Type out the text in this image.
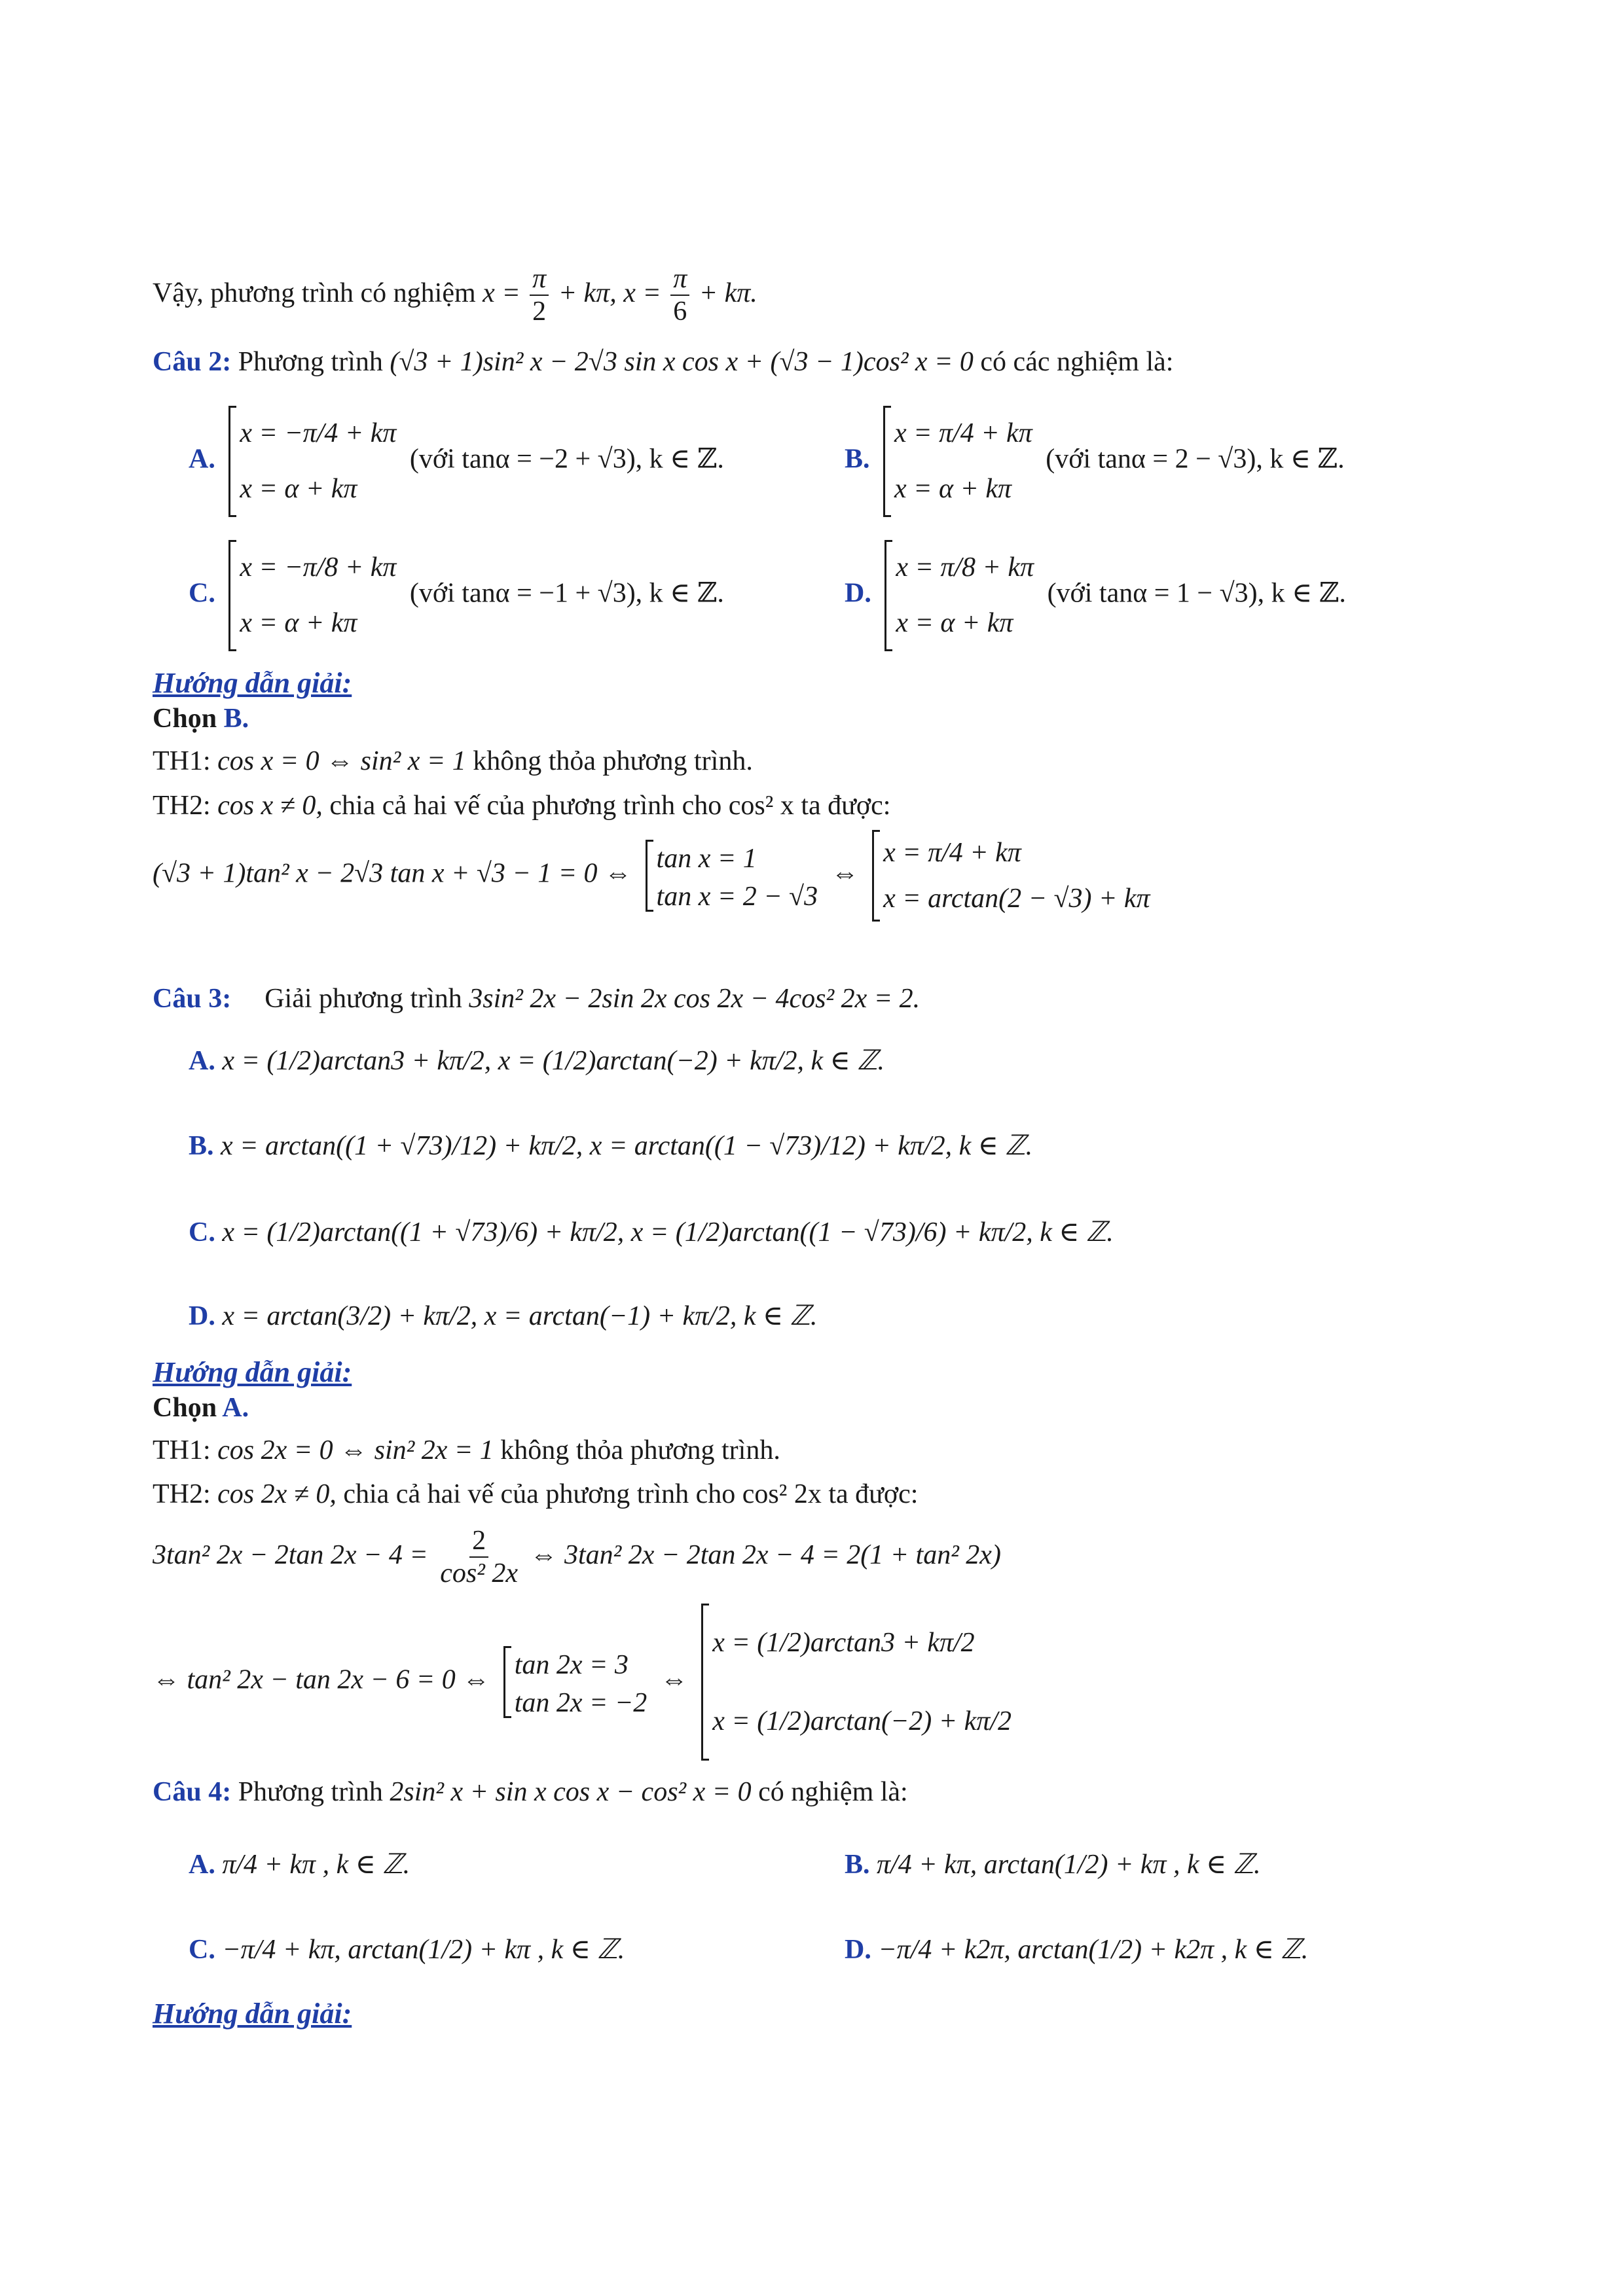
Vậy, phương trình có nghiệm $x = \frac{\pi}{2} + k\pi$, $x = \frac{\pi}{6} + k\pi$.
Câu 2: Phương trình (√3 + 1)sin² x − 2√3 sin x cos x + (√3 − 1)cos² x = 0 có các nghiệm là:
A.
x = −π/4 + kπ
x = α + kπ
(với tanα = −2 + √3), k ∈ ℤ.	B.
x = π/4 + kπ
x = α + kπ
(với tanα = 2 − √3), k ∈ ℤ.
C.
x = −π/8 + kπ
x = α + kπ
(với tanα = −1 + √3), k ∈ ℤ.	D.
x = π/8 + kπ
x = α + kπ
(với tanα = 1 − √3), k ∈ ℤ.
Hướng dẫn giải:
Chọn B.
TH1: cos x = 0 ⇔ sin² x = 1 không thỏa phương trình.
TH2: cos x ≠ 0, chia cả hai vế của phương trình cho cos² x ta được:
(√3 + 1)tan² x − 2√3 tan x + √3 − 1 = 0 ⇔ tan x = 1
tan x = 2 − √3
⇔
x = π/4 + kπ
x = arctan(2 − √3) + kπ
Câu 3: Giải phương trình 3sin² 2x − 2sin 2x cos 2x − 4cos² 2x = 2.
A. x = (1/2)arctan3 + kπ/2, x = (1/2)arctan(−2) + kπ/2, k ∈ ℤ.
B. x = arctan((1 + √73)/12) + kπ/2, x = arctan((1 − √73)/12) + kπ/2, k ∈ ℤ.
C. x = (1/2)arctan((1 + √73)/6) + kπ/2, x = (1/2)arctan((1 − √73)/6) + kπ/2, k ∈ ℤ.
D. x = arctan(3/2) + kπ/2, x = arctan(−1) + kπ/2, k ∈ ℤ.
Hướng dẫn giải:
Chọn A.
TH1: cos 2x = 0 ⇔ sin² 2x = 1 không thỏa phương trình.
TH2: cos 2x ≠ 0, chia cả hai vế của phương trình cho cos² 2x ta được:
3tan² 2x − 2tan $2x - 4 = \frac{2}{\text{cos² 2x}}$ ⇔ 3tan² 2x − 2tan 2x − 4 = 2(1 + tan² 2x)
⇔ tan² 2x − tan 2x − 6 = 0 ⇔ tan 2x = 3
tan 2x = −2
⇔
x = (1/2)arctan3 + kπ/2
x = (1/2)arctan(−2) + kπ/2
Câu 4: Phương trình 2sin² x + sin x cos x − cos² x = 0 có nghiệm là:
A. π/4 + kπ , k ∈ ℤ.	B. π/4 + kπ, arctan(1/2) + kπ , k ∈ ℤ.
C. −π/4 + kπ, arctan(1/2) + kπ , k ∈ ℤ.	D. −π/4 + k2π, arctan(1/2) + k2π , k ∈ ℤ.
Hướng dẫn giải:
